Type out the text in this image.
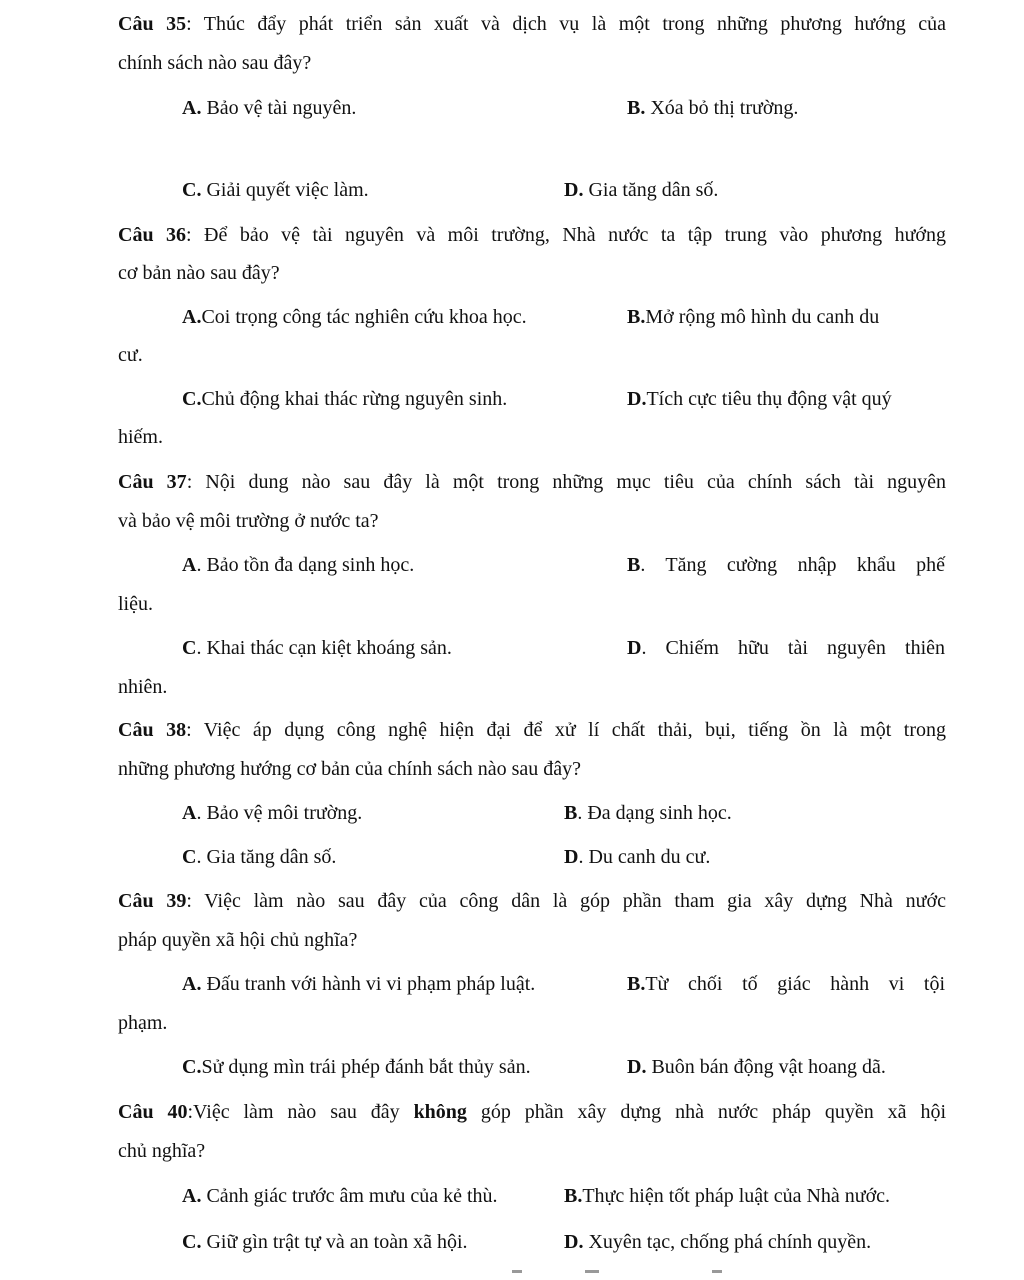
Câu 35: Thúc đẩy phát triển sản xuất và dịch vụ là một trong những phương hướng của
chính sách nào sau đây?
A. Bảo vệ tài nguyên.	B. Xóa bỏ thị trường.
C. Giải quyết việc làm.	D. Gia tăng dân số.
Câu 36: Để bảo vệ tài nguyên và môi trường, Nhà nước ta tập trung vào phương hướng
cơ bản nào sau đây?
A.Coi trọng công tác nghiên cứu khoa học.	B.Mở rộng mô hình du canh du
cư.
C.Chủ động khai thác rừng nguyên sinh.	D.Tích cực tiêu thụ động vật quý
hiếm.
Câu 37: Nội dung nào sau đây là một trong những mục tiêu của chính sách tài nguyên
và bảo vệ môi trường ở nước ta?
A. Bảo tồn đa dạng sinh học.	B. Tăng cường nhập khẩu phế
liệu.
C. Khai thác cạn kiệt khoáng sản.	D. Chiếm hữu tài nguyên thiên
nhiên.
Câu 38: Việc áp dụng công nghệ hiện đại để xử lí chất thải, bụi, tiếng ồn là một trong
những phương hướng cơ bản của chính sách nào sau đây?
A. Bảo vệ môi trường.	B. Đa dạng sinh học.
C. Gia tăng dân số.	D. Du canh du cư.
Câu 39: Việc làm nào sau đây của công dân là góp phần tham gia xây dựng Nhà nước
pháp quyền xã hội chủ nghĩa?
A. Đấu tranh với hành vi vi phạm pháp luật.	B.Từ chối tố giác hành vi tội
phạm.
C.Sử dụng mìn trái phép đánh bắt thủy sản.	D. Buôn bán động vật hoang dã.
Câu 40:Việc làm nào sau đây không góp phần xây dựng nhà nước pháp quyền xã hội
chủ nghĩa?
A. Cảnh giác trước âm mưu của kẻ thù.	B.Thực hiện tốt pháp luật của Nhà nước.
C. Giữ gìn trật tự và an toàn xã hội.	D. Xuyên tạc, chống phá chính quyền.
